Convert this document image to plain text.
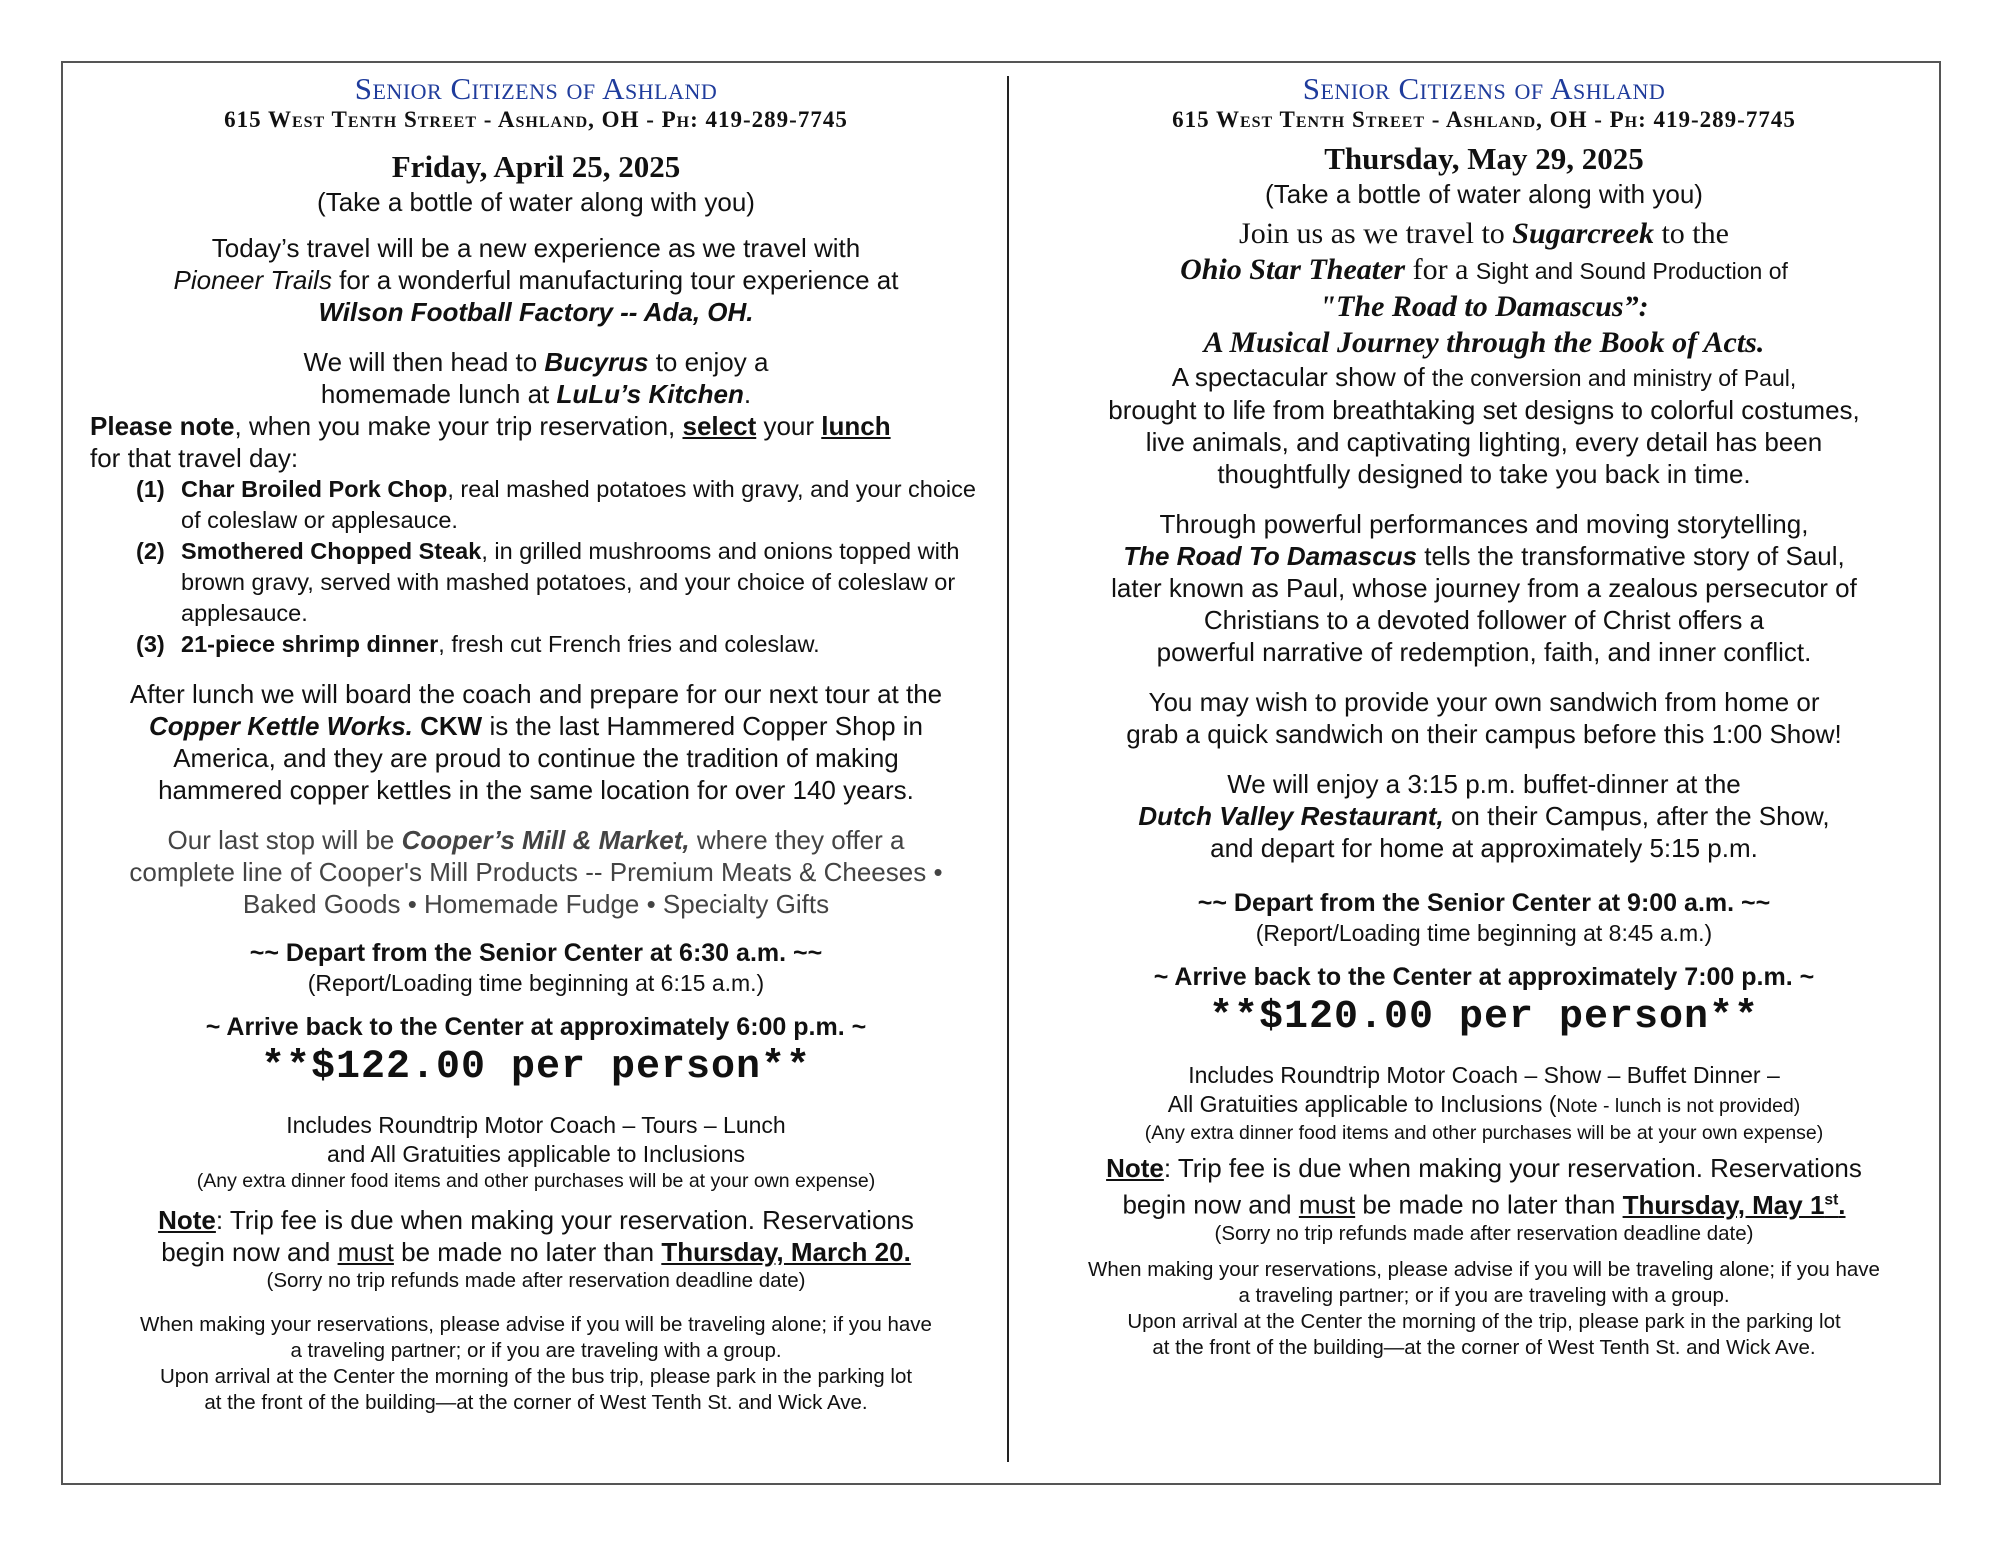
Senior Citizens of Ashland
615 West Tenth Street - Ashland, OH - Ph: 419-289-7745
Friday, April 25, 2025
(Take a bottle of water along with you)
Today’s travel will be a new experience as we travel with
Pioneer Trails for a wonderful manufacturing tour experience at
Wilson Football Factory -- Ada, OH.
We will then head to Bucyrus to enjoy a
homemade lunch at LuLu’s Kitchen.
Please note, when you make your trip reservation, select your lunch
for that travel day:
(1) Char Broiled Pork Chop, real mashed potatoes with gravy, and your choice of coleslaw or applesauce.
(2) Smothered Chopped Steak, in grilled mushrooms and onions topped with brown gravy, served with mashed potatoes, and your choice of coleslaw or applesauce.
(3) 21-piece shrimp dinner, fresh cut French fries and coleslaw.
After lunch we will board the coach and prepare for our next tour at the
Copper Kettle Works. CKW is the last Hammered Copper Shop in
America, and they are proud to continue the tradition of making
hammered copper kettles in the same location for over 140 years.
Our last stop will be Cooper’s Mill & Market, where they offer a
complete line of Cooper's Mill Products -- Premium Meats & Cheeses •
Baked Goods • Homemade Fudge • Specialty Gifts
~~ Depart from the Senior Center at 6:30 a.m. ~~
(Report/Loading time beginning at 6:15 a.m.)
~ Arrive back to the Center at approximately 6:00 p.m. ~
**$122.00 per person**
Includes Roundtrip Motor Coach – Tours – Lunch
and All Gratuities applicable to Inclusions
(Any extra dinner food items and other purchases will be at your own expense)
Note: Trip fee is due when making your reservation. Reservations
begin now and must be made no later than Thursday, March 20.
(Sorry no trip refunds made after reservation deadline date)
When making your reservations, please advise if you will be traveling alone; if you have
a traveling partner; or if you are traveling with a group.
Upon arrival at the Center the morning of the bus trip, please park in the parking lot
at the front of the building—at the corner of West Tenth St. and Wick Ave.
Senior Citizens of Ashland
615 West Tenth Street - Ashland, OH - Ph: 419-289-7745
Thursday, May 29, 2025
(Take a bottle of water along with you)
Join us as we travel to Sugarcreek to the
Ohio Star Theater for a Sight and Sound Production of
"The Road to Damascus”:
A Musical Journey through the Book of Acts.
A spectacular show of the conversion and ministry of Paul,
brought to life from breathtaking set designs to colorful costumes,
live animals, and captivating lighting, every detail has been
thoughtfully designed to take you back in time.
Through powerful performances and moving storytelling,
The Road To Damascus tells the transformative story of Saul,
later known as Paul, whose journey from a zealous persecutor of
Christians to a devoted follower of Christ offers a
powerful narrative of redemption, faith, and inner conflict.
You may wish to provide your own sandwich from home or
grab a quick sandwich on their campus before this 1:00 Show!
We will enjoy a 3:15 p.m. buffet-dinner at the
Dutch Valley Restaurant, on their Campus, after the Show,
and depart for home at approximately 5:15 p.m.
~~ Depart from the Senior Center at 9:00 a.m. ~~
(Report/Loading time beginning at 8:45 a.m.)
~ Arrive back to the Center at approximately 7:00 p.m. ~
**$120.00 per person**
Includes Roundtrip Motor Coach – Show – Buffet Dinner –
All Gratuities applicable to Inclusions (Note - lunch is not provided)
(Any extra dinner food items and other purchases will be at your own expense)
Note: Trip fee is due when making your reservation. Reservations
begin now and must be made no later than Thursday, May 1st.
(Sorry no trip refunds made after reservation deadline date)
When making your reservations, please advise if you will be traveling alone; if you have
a traveling partner; or if you are traveling with a group.
Upon arrival at the Center the morning of the trip, please park in the parking lot
at the front of the building—at the corner of West Tenth St. and Wick Ave.
